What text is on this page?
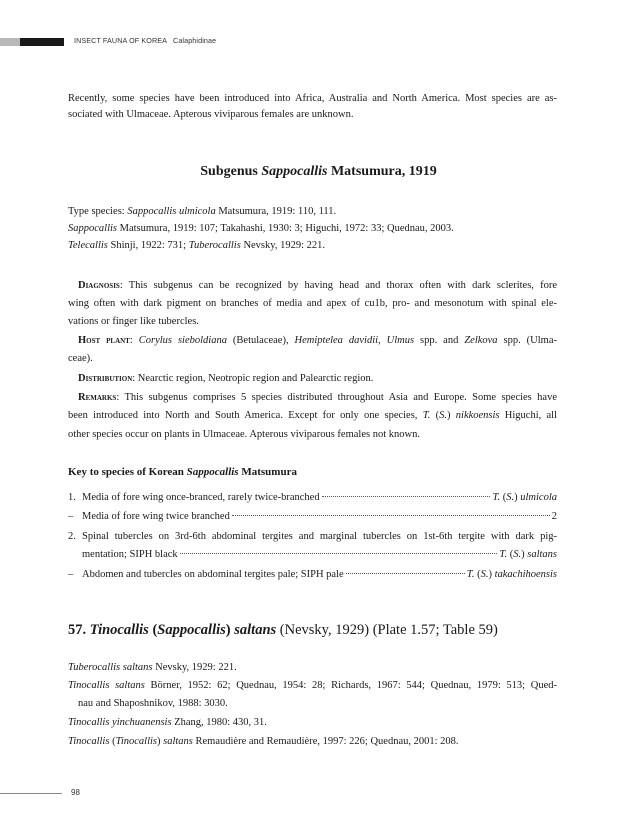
INSECT FAUNA OF KOREA Calaphidinae
Recently, some species have been introduced into Africa, Australia and North America. Most species are as-
sociated with Ulmaceae. Apterous viviparous females are unknown.
Subgenus Sappocallis Matsumura, 1919
Type species: Sappocallis ulmicola Matsumura, 1919: 110, 111.
Sappocallis Matsumura, 1919: 107; Takahashi, 1930: 3; Higuchi, 1972: 33; Quednau, 2003.
Telecallis Shinji, 1922: 731; Tuberocallis Nevsky, 1929: 221.
Diagnosis: This subgenus can be recognized by having head and thorax often with dark sclerites, fore
wing often with dark pigment on branches of media and apex of cu1b, pro- and mesonotum with spinal ele-
vations or finger like tubercles.
Host plant: Corylus sieboldiana (Betulaceae), Hemiptelea davidii, Ulmus spp. and Zelkova spp. (Ulma-
ceae).
Distribution: Nearctic region, Neotropic region and Palearctic region.
Remarks: This subgenus comprises 5 species distributed throughout Asia and Europe. Some species have
been introduced into North and South America. Except for only one species, T. (S.) nikkoensis Higuchi, all
other species occur on plants in Ulmaceae. Apterous viviparous females not known.
Key to species of Korean Sappocallis Matsumura
1. Media of fore wing once-branced, rarely twice-branched	T. (S.) ulmicola
– Media of fore wing twice branched	2
2. Spinal tubercles on 3rd-6th abdominal tergites and marginal tubercles on 1st-6th tergite with dark pig-
mentation; SIPH black	T. (S.) saltans
– Abdomen and tubercles on abdominal tergites pale; SIPH pale	T. (S.) takachihoensis
57. Tinocallis (Sappocallis) saltans (Nevsky, 1929) (Plate 1.57; Table 59)
Tuberocallis saltans Nevsky, 1929: 221.
Tinocallis saltans Börner, 1952: 62; Quednau, 1954: 28; Richards, 1967: 544; Quednau, 1979: 513; Qued-
nau and Shaposhnikov, 1988: 3030.
Tinocallis yinchuanensis Zhang, 1980: 430, 31.
Tinocallis (Tinocallis) saltans Remaudière and Remaudière, 1997: 226; Quednau, 2001: 208.
98
